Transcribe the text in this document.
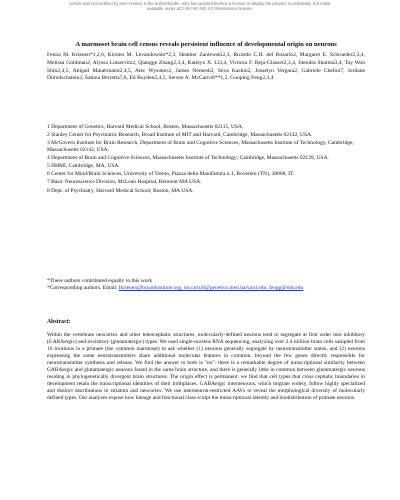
(which was not certified by peer review) is the author/funder, who has granted bioRxiv a license to display the preprint in perpetuity. It is made
available under aCC-BY-NC-ND 4.0 International license.
A marmoset brain cell census reveals persistent influence of developmental origin on neurons
Fenna M. Krienen*1,2,6, Kirsten M. Levandowski*2,3, Heather Zaniewski2,3, Ricardo C.H. del Rosario2, Margaret E. Schroeder2,3,4, Melissa Goldman2, Alyssa Lutservitz2, Qiangge Zhang2,3,4, Katelyn X. Li3,4, Victoria F. Beja-Glasser2,3,4, Jitendra Sharma3,4, Tay Won Shin2,4,5, Abigail Mauermann2,4,5, Alec Wysoker2, James Nemesh2, Seva Kashin2, Josselyn Vergara2, Gabriele Chelini7, Jordane Dimidschstein2, Sabina Berretta7,8, Ed Boyden2,4,5, Steven A. McCarroll**1,2, Guoping Feng2,3,4
1 Department of Genetics, Harvard Medical School, Boston, Massachusetts 02115, USA.
2 Stanley Center for Psychiatric Research, Broad Institute of MIT and Harvard, Cambridge, Massachusetts 02142, USA.
3 McGovern Institute for Brain Research, Department of Brain and Cognitive Sciences, Massachusetts Institute of Technology, Cambridge, Massachusetts 02142, USA.
4 Department of Brain and Cognitive Sciences, Massachusetts Institute of Technology; Cambridge, Massachusetts 02139, USA.
5 HHMI, Cambridge, MA, USA.
6 Center for Mind/Brain Sciences, University of Trento, Piazza della Manifattura n.1, Rovereto (TN), 38068, IT.
7 Basic Neuroscience Division, McLean Hospital, Belmont MA USA.
8 Dept. of Psychiatry, Harvard Medical School, Boston, MA USA.
*These authors contributed equally to this work
*Corresponding authors. Email: fkrienen@broadinstitute.org, mccarroll@genetics.med.harvard.edu, fengg@mit.edu
Abstract:
Within the vertebrate neocortex and other telencephalic structures, molecularly-defined neurons tend to segregate at first order into inhibitory (GABAergic) and excitatory (glutamatergic) types. We used single-nucleus RNA sequencing, analyzing over 2.4 million brain cells sampled from 16 locations in a primate (the common marmoset) to ask whether (1) neurons generally segregate by neurotransmitter status, and (2) neurons expressing the same neurotransmitters share additional molecular features in common, beyond the few genes directly responsible for neurotransmitter synthesis and release. We find the answer to both is "no": there is a remarkable degree of transcriptional similarity between GABAergic and glutamatergic neurons found in the same brain structure, and there is generally little in common between glutamatergic neurons residing in phylogenetically divergent brain structures. The origin effect is permanent: we find that cell types that cross cephalic boundaries in development retain the transcriptional identities of their birthplaces. GABAergic interneurons, which migrate widely, follow highly specialized and distinct distributions in striatum and neocortex. We use interneuron-restricted AAVs to reveal the morphological diversity of molecularly defined types. Our analyses expose how lineage and functional class sculpt the transcriptional identity and biodistribution of primate neurons.
